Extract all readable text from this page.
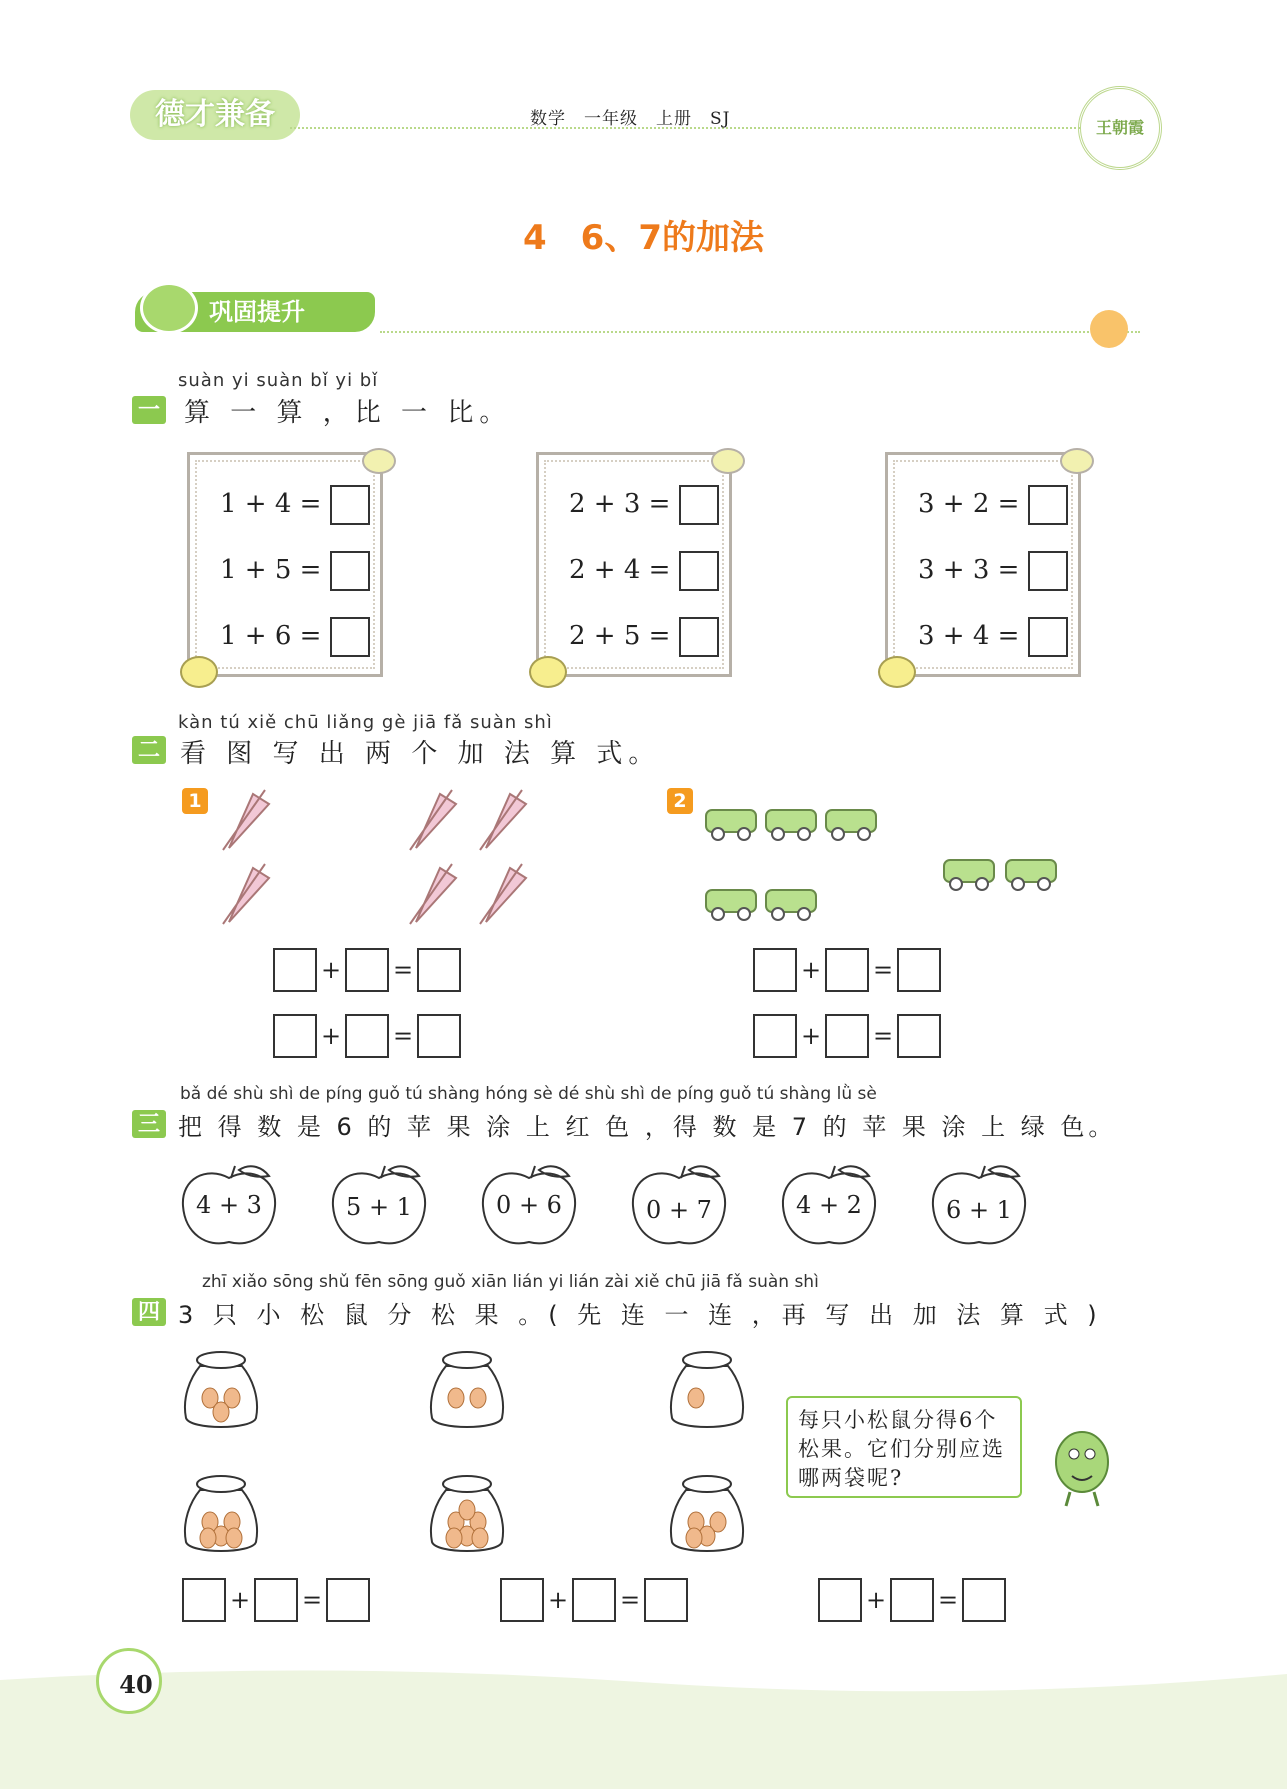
德才兼备	数学　一年级　上册　SJ	王朝霞
4　6、7的加法
巩固提升
suàn yi suàn bǐ yi bǐ
一 算 一 算 ，比 一 比。
1 + 4 =
1 + 5 =
1 + 6 =
2 + 3 =
2 + 4 =
2 + 5 =
3 + 2 =
3 + 3 =
3 + 4 =
kàn tú xiě chū liǎng gè jiā fǎ suàn shì
二 看 图 写 出 两 个 加 法 算 式。
1	2
+ =
+ =
+ =
+ =
bǎ dé shù shì de píng guǒ tú shàng hóng sè dé shù shì de píng guǒ tú shàng lǜ sè
三 把 得 数 是 6 的 苹 果 涂 上 红 色 ，得 数 是 7 的 苹 果 涂 上 绿 色。
4 + 3	5 + 1	0 + 6	0 + 7	4 + 2	6 + 1
zhī xiǎo sōng shǔ fēn sōng guǒ xiān lián yi lián zài xiě chū jiā fǎ suàn shì
四 3 只 小 松 鼠 分 松 果 。( 先 连 一 连 ，再 写 出 加 法 算 式 )
每只小松鼠分得6个松果。它们分别应选哪两袋呢?
+ =	+ =	+ =
40
